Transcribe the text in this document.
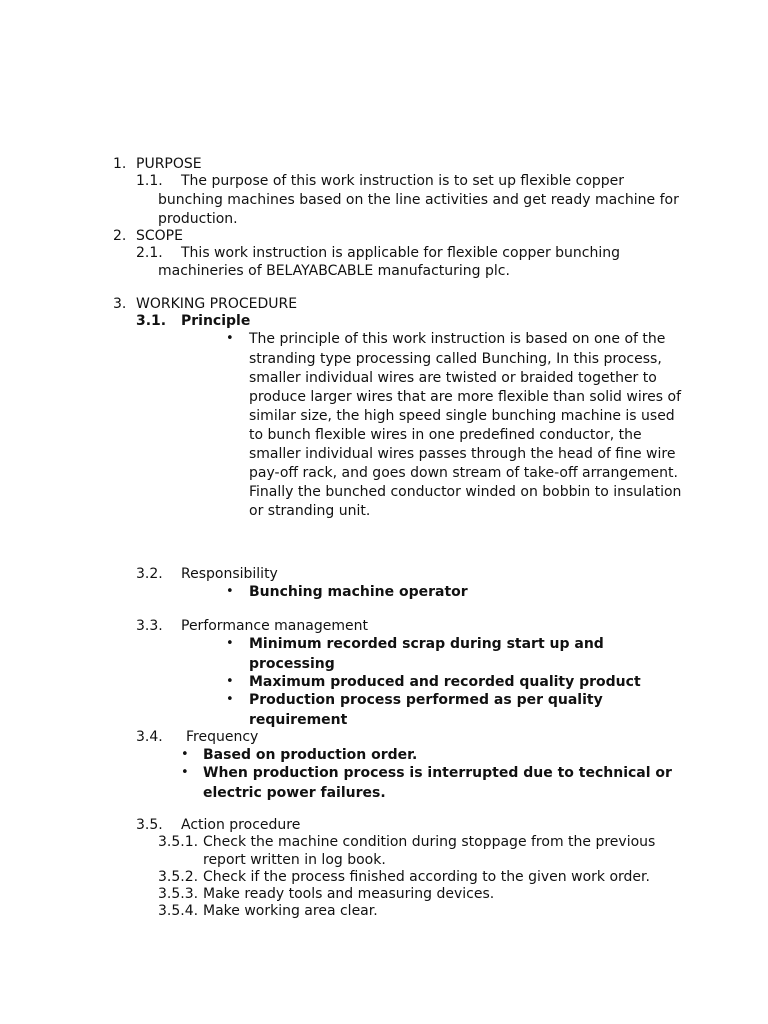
1. PURPOSE
1.1. The purpose of this work instruction is to set up flexible copper
bunching machines based on the line activities and get ready machine for
production.
2. SCOPE
2.1. This work instruction is applicable for flexible copper bunching
machineries of BELAYABCABLE manufacturing plc.
3. WORKING PROCEDURE
3.1. Principle
• The principle of this work instruction is based on one of the
stranding type processing called Bunching, In this process,
smaller individual wires are twisted or braided together to
produce larger wires that are more flexible than solid wires of
similar size, the high speed single bunching machine is used
to bunch flexible wires in one predefined conductor, the
smaller individual wires passes through the head of fine wire
pay-off rack, and goes down stream of take-off arrangement.
Finally the bunched conductor winded on bobbin to insulation
or stranding unit.
3.2. Responsibility
• Bunching machine operator
3.3. Performance management
• Minimum recorded scrap during start up and
processing
• Maximum produced and recorded quality product
• Production process performed as per quality
requirement
3.4. Frequency
• Based on production order.
• When production process is interrupted due to technical or
electric power failures.
3.5. Action procedure
3.5.1. Check the machine condition during stoppage from the previous
report written in log book.
3.5.2. Check if the process finished according to the given work order.
3.5.3. Make ready tools and measuring devices.
3.5.4. Make working area clear.
